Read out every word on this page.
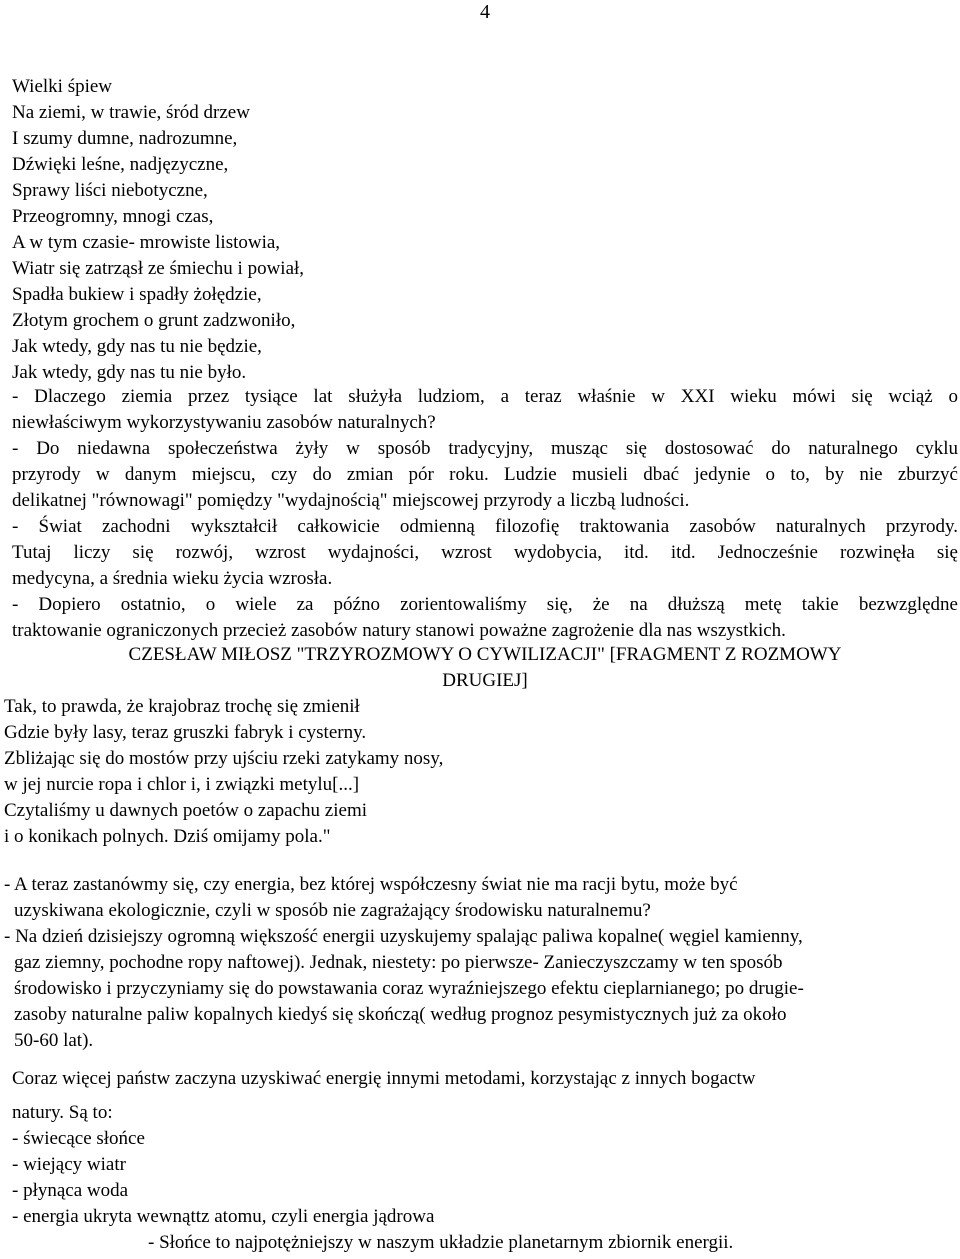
4
Wielki śpiew
Na ziemi, w trawie, śród drzew
I szumy dumne, nadrozumne,
Dźwięki leśne, nadjęzyczne,
Sprawy liści niebotyczne,
Przeogromny, mnogi czas,
A w tym czasie- mrowiste listowia,
Wiatr się zatrząsł ze śmiechu i powiał,
Spadła bukiew i spadły żołędzie,
Złotym grochem o grunt zadzwoniło,
Jak wtedy, gdy nas tu nie będzie,
Jak wtedy, gdy nas tu nie było.
- Dlaczego ziemia przez tysiące lat służyła ludziom, a teraz właśnie w XXI wieku mówi się wciąż o
niewłaściwym wykorzystywaniu zasobów naturalnych?
- Do niedawna społeczeństwa żyły w sposób tradycyjny, musząc się dostosować do naturalnego cyklu
przyrody w danym miejscu, czy do zmian pór roku. Ludzie musieli dbać jedynie o to, by nie zburzyć
delikatnej "równowagi" pomiędzy "wydajnością" miejscowej przyrody a liczbą ludności.
- Świat zachodni wykształcił całkowicie odmienną filozofię traktowania zasobów naturalnych przyrody.
Tutaj liczy się rozwój, wzrost wydajności, wzrost wydobycia, itd. itd. Jednocześnie rozwinęła się
medycyna, a średnia wieku życia wzrosła.
- Dopiero ostatnio, o wiele za późno zorientowaliśmy się, że na dłuższą metę takie bezwzględne
traktowanie ograniczonych przecież zasobów natury stanowi poważne zagrożenie dla nas wszystkich.
CZESŁAW MIŁOSZ "TRZYROZMOWY O CYWILIZACJI" [FRAGMENT Z ROZMOWY
DRUGIEJ]
Tak, to prawda, że krajobraz trochę się zmienił
Gdzie były lasy, teraz gruszki fabryk i cysterny.
Zbliżając się do mostów przy ujściu rzeki zatykamy nosy,
w jej nurcie ropa i chlor i, i związki metylu[...]
Czytaliśmy u dawnych poetów o zapachu ziemi
i o konikach polnych. Dziś omijamy pola."
- A teraz zastanówmy się, czy energia, bez której współczesny świat nie ma racji bytu, może być
uzyskiwana ekologicznie, czyli w sposób nie zagrażający środowisku naturalnemu?
- Na dzień dzisiejszy ogromną większość energii uzyskujemy spalając paliwa kopalne( węgiel kamienny,
gaz ziemny, pochodne ropy naftowej). Jednak, niestety: po pierwsze- Zanieczyszczamy w ten sposób
środowisko i przyczyniamy się do powstawania coraz wyraźniejszego efektu cieplarnianego; po drugie-
zasoby naturalne paliw kopalnych kiedyś się skończą( według prognoz pesymistycznych już za około
50-60 lat).
Coraz więcej państw zaczyna uzyskiwać energię innymi metodami, korzystając z innych bogactw
natury. Są to:
- świecące słońce
- wiejący wiatr
- płynąca woda
- energia ukryta wewnąttz atomu, czyli energia jądrowa
- Słońce to najpotężniejszy w naszym układzie planetarnym zbiornik energii.
